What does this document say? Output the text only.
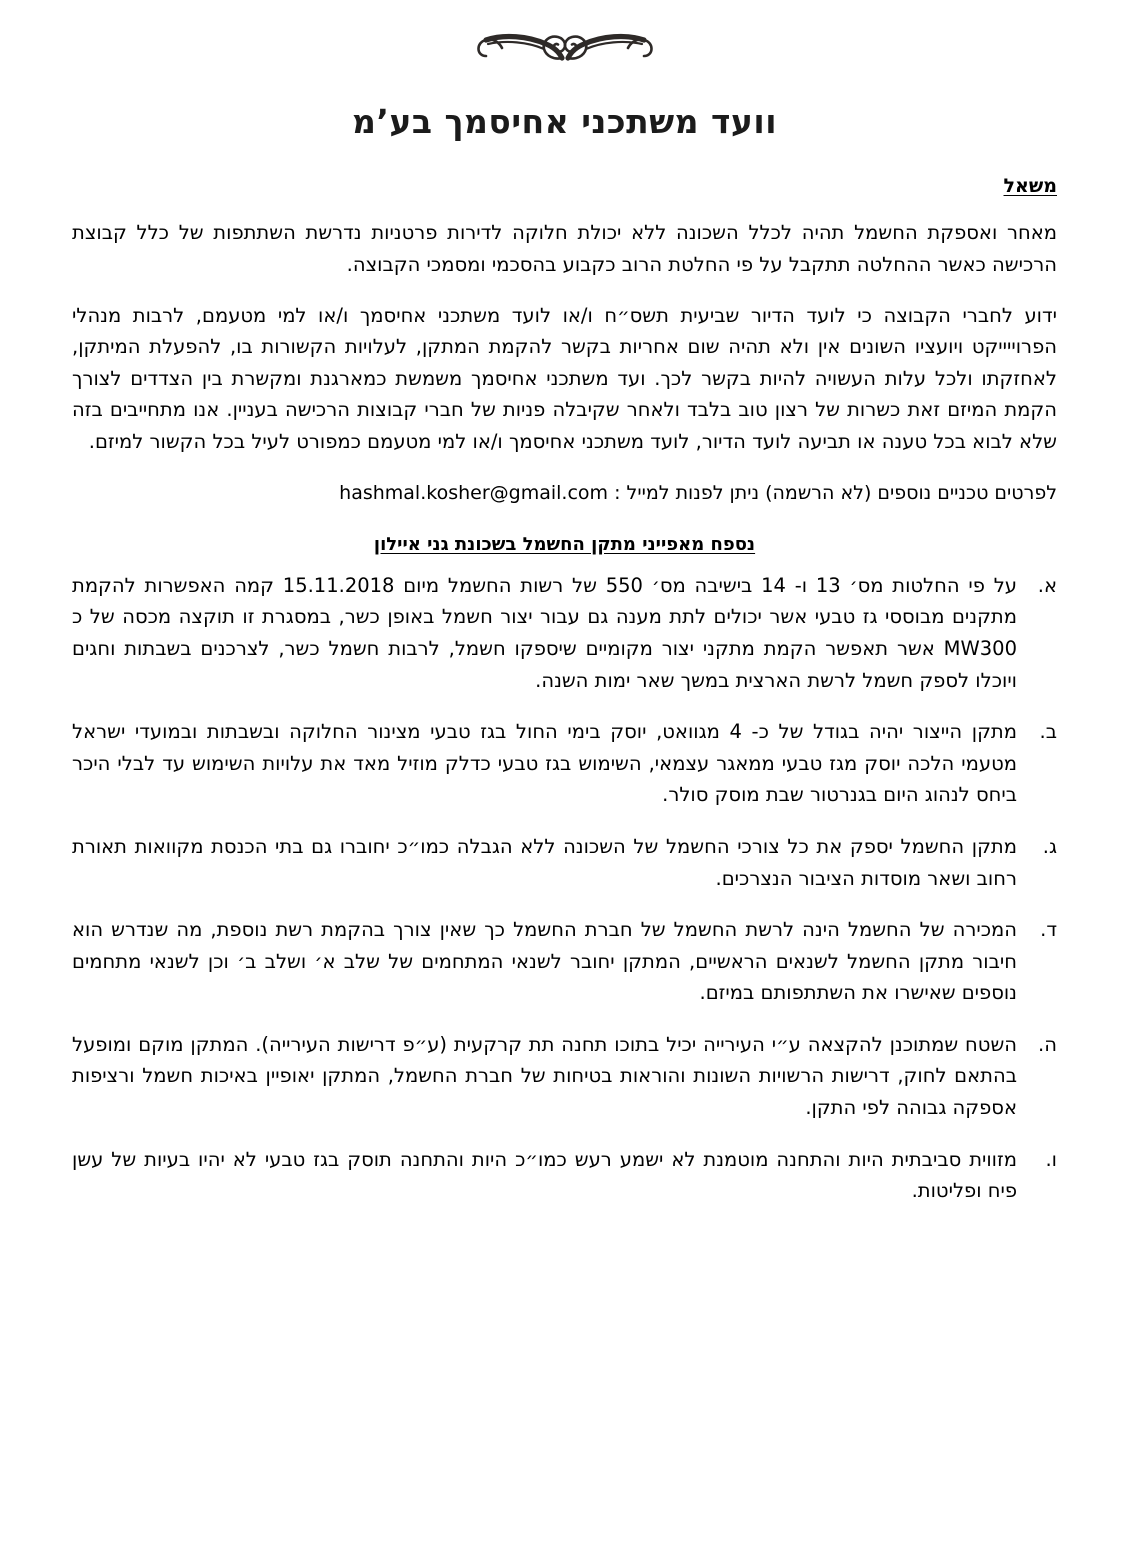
וועד משתכני אחיסמך בע’מ
משאל

מאחר ואספקת החשמל תהיה לכלל השכונה ללא יכולת חלוקה לדירות פרטניות נדרשת השתתפות של כלל קבוצת הרכישה כאשר ההחלטה תתקבל על פי החלטת הרוב כקבוע בהסכמי ומסמכי הקבוצה.

ידוע לחברי הקבוצה כי לועד הדיור שביעית תשס״ח ו/או לועד משתכני אחיסמך ו/או למי מטעמם, לרבות מנהלי הפרוייייקט ויועציו השונים אין ולא תהיה שום אחריות בקשר להקמת המתקן, לעלויות הקשורות בו, להפעלת המיתקן, לאחזקתו ולכל עלות העשויה להיות בקשר לכך. ועד משתכני אחיסמך משמשת כמארגנת ומקשרת בין הצדדים לצורך הקמת המיזם זאת כשרות של רצון טוב בלבד ולאחר שקיבלה פניות של חברי קבוצות הרכישה בעניין. אנו מתחייבים בזה שלא לבוא בכל טענה או תביעה לועד הדיור, לועד משתכני אחיסמך ו/או למי מטעמם כמפורט לעיל בכל הקשור למיזם.

לפרטים טכניים נוספים (לא הרשמה) ניתן לפנות למייל : hashmal.kosher@gmail.com

נספח מאפייני מתקן החשמל בשכונת גני איילון
א.
על פי החלטות מס׳ 13 ו- 14 בישיבה מס׳ 550 של רשות החשמל מיום 15.11.2018 קמה האפשרות להקמת מתקנים מבוססי גז טבעי אשר יכולים לתת מענה גם עבור יצור חשמל באופן כשר, במסגרת זו תוקצה מכסה של כ MW300 אשר תאפשר הקמת מתקני יצור מקומיים שיספקו חשמל, לרבות חשמל כשר, לצרכנים בשבתות וחגים ויוכלו לספק חשמל לרשת הארצית במשך שאר ימות השנה.
ב.
מתקן הייצור יהיה בגודל של כ- 4 מגוואט, יוסק בימי החול בגז טבעי מצינור החלוקה ובשבתות ובמועדי ישראל מטעמי הלכה יוסק מגז טבעי ממאגר עצמאי, השימוש בגז טבעי כדלק מוזיל מאד את עלויות השימוש עד לבלי היכר ביחס לנהוג היום בגנרטור שבת מוסק סולר.
ג.
מתקן החשמל יספק את כל צורכי החשמל של השכונה ללא הגבלה כמו״כ יחוברו גם בתי הכנסת מקוואות תאורת רחוב ושאר מוסדות הציבור הנצרכים.
ד.
המכירה של החשמל הינה לרשת החשמל של חברת החשמל כך שאין צורך בהקמת רשת נוספת, מה שנדרש הוא חיבור מתקן החשמל לשנאים הראשיים, המתקן יחובר לשנאי המתחמים של שלב א׳ ושלב ב׳ וכן לשנאי מתחמים נוספים שאישרו את השתתפותם במיזם.
ה.
השטח שמתוכנן להקצאה ע״י העירייה יכיל בתוכו תחנה תת קרקעית (ע״פ דרישות העירייה). המתקן מוקם ומופעל בהתאם לחוק, דרישות הרשויות השונות והוראות בטיחות של חברת החשמל, המתקן יאופיין באיכות חשמל ורציפות אספקה גבוהה לפי התקן.
ו.
מזווית סביבתית היות והתחנה מוטמנת לא ישמע רעש כמו״כ היות והתחנה תוסק בגז טבעי לא יהיו בעיות של עשן פיח ופליטות.
